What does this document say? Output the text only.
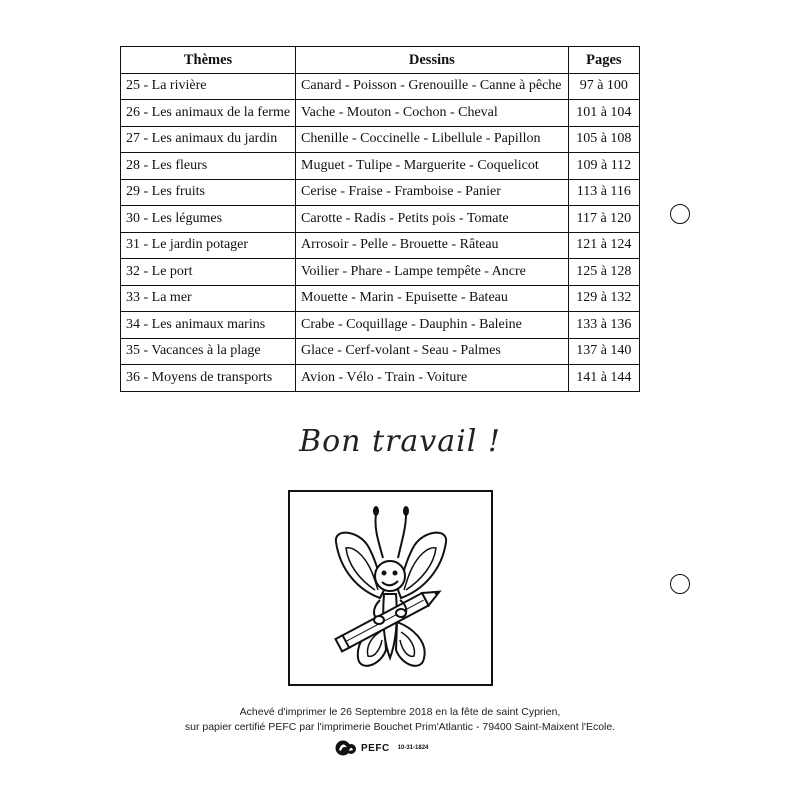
Thèmes	Dessins	Pages
25 - La rivière	Canard - Poisson - Grenouille - Canne à pêche	97 à 100
26 - Les animaux de la ferme	Vache - Mouton - Cochon - Cheval	101 à 104
27 - Les animaux du jardin	Chenille - Coccinelle - Libellule - Papillon	105 à 108
28 - Les fleurs	Muguet - Tulipe - Marguerite - Coquelicot	109 à 112
29 - Les fruits	Cerise - Fraise - Framboise - Panier	113 à 116
30 - Les légumes	Carotte - Radis - Petits pois - Tomate	117 à 120
31 - Le jardin potager	Arrosoir - Pelle - Brouette - Râteau	121 à 124
32 - Le port	Voilier - Phare - Lampe tempête - Ancre	125 à 128
33 - La mer	Mouette - Marin - Epuisette - Bateau	129 à 132
34 - Les animaux marins	Crabe - Coquillage - Dauphin - Baleine	133 à 136
35 - Vacances à la plage	Glace - Cerf-volant - Seau - Palmes	137 à 140
36 - Moyens de transports	Avion - Vélo - Train - Voiture	141 à 144
Bon travail !
Achevé d'imprimer le 26 Septembre 2018 en la fête de saint Cyprien,
sur papier certifié PEFC par l'imprimerie Bouchet Prim'Atlantic - 79400 Saint-Maixent l'Ecole.
PEFC 10-31-1824
